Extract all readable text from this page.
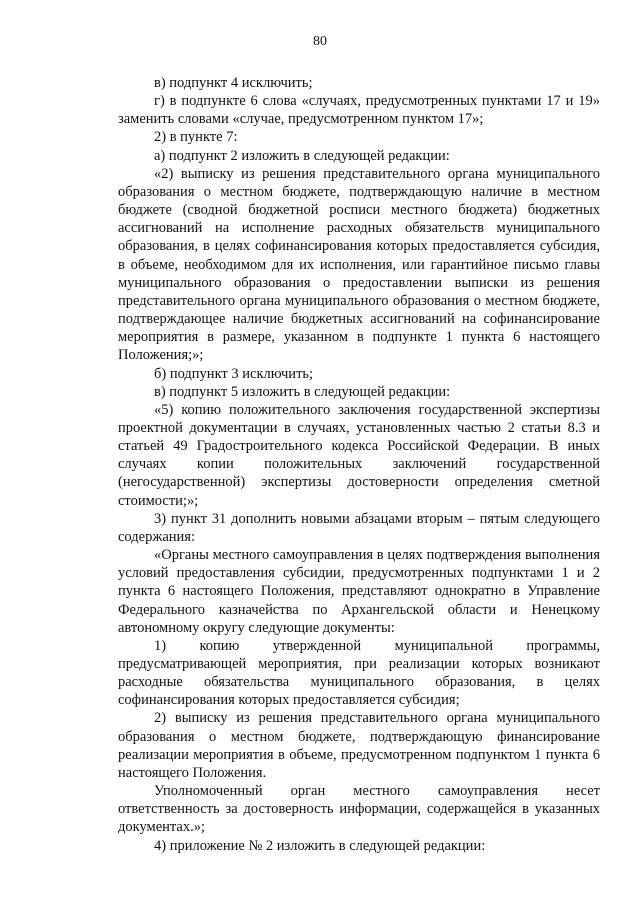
80

в) подпункт 4 исключить;

г) в подпункте 6 слова «случаях, предусмотренных пунктами 17 и 19» заменить словами «случае, предусмотренном пунктом 17»;

2) в пункте 7:

а) подпункт 2 изложить в следующей редакции:

«2) выписку из решения представительного органа муниципального образования о местном бюджете, подтверждающую наличие в местном бюджете (сводной бюджетной росписи местного бюджета) бюджетных ассигнований на исполнение расходных обязательств муниципального образования, в целях софинансирования которых предоставляется субсидия, в объеме, необходимом для их исполнения, или гарантийное письмо главы муниципального образования о предоставлении выписки из решения представительного органа муниципального образования о местном бюджете, подтверждающее наличие бюджетных ассигнований на софинансирование мероприятия в размере, указанном в подпункте 1 пункта 6 настоящего Положения;»;

б) подпункт 3 исключить;

в) подпункт 5 изложить в следующей редакции:

«5) копию положительного заключения государственной экспертизы проектной документации в случаях, установленных частью 2 статьи 8.3 и статьей 49 Градостроительного кодекса Российской Федерации. В иных случаях копии положительных заключений государственной (негосударственной) экспертизы достоверности определения сметной стоимости;»;

3) пункт 31 дополнить новыми абзацами вторым – пятым следующего содержания:

«Органы местного самоуправления в целях подтверждения выполнения условий предоставления субсидии, предусмотренных подпунктами 1 и 2 пункта 6 настоящего Положения, представляют однократно в Управление Федерального казначейства по Архангельской области и Ненецкому автономному округу следующие документы:

1) копию утвержденной муниципальной программы, предусматривающей мероприятия, при реализации которых возникают расходные обязательства муниципального образования, в целях софинансирования которых предоставляется субсидия;

2) выписку из решения представительного органа муниципального образования о местном бюджете, подтверждающую финансирование реализации мероприятия в объеме, предусмотренном подпунктом 1 пункта 6 настоящего Положения.

Уполномоченный орган местного самоуправления несет ответственность за достоверность информации, содержащейся в указанных документах.»;

4) приложение № 2 изложить в следующей редакции:
